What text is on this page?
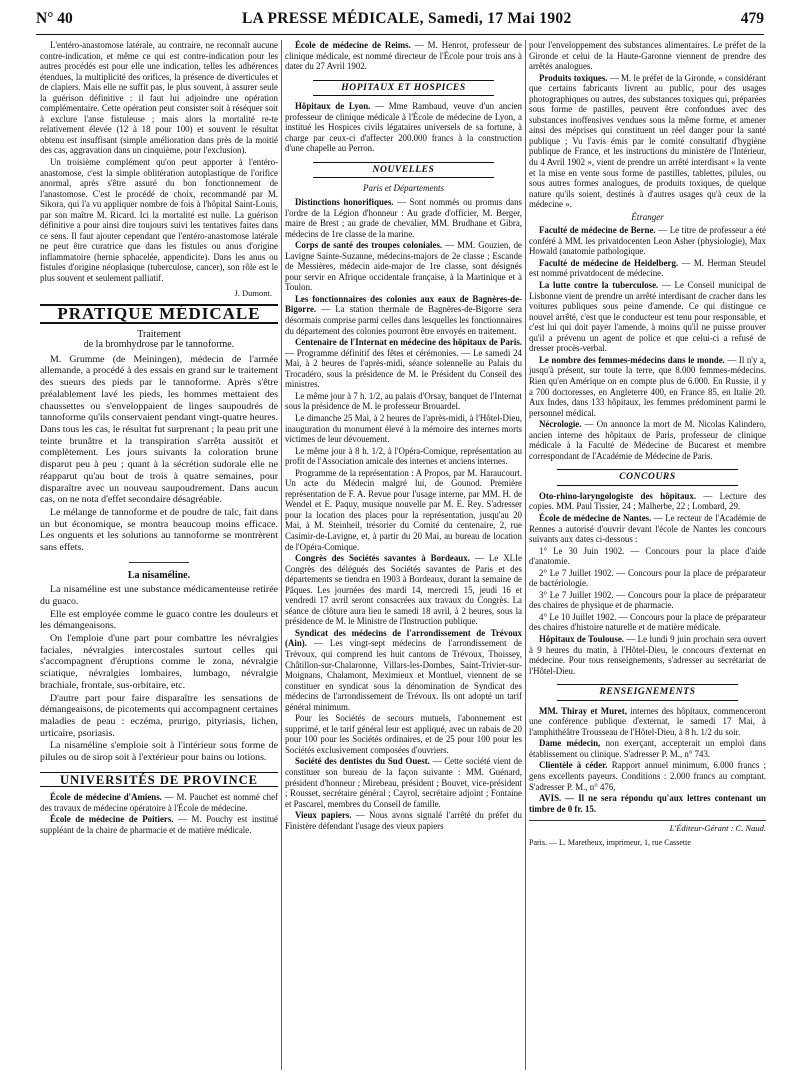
N° 40	LA PRESSE MÉDICALE, Samedi, 17 Mai 1902	479

L'entéro-anastomose latérale, au contraire, ne reconnaît aucune contre-indication, et même ce qui est contre-indication pour les autres procédés est pour elle une indication, telles les adhérences étendues, la multiplicité des orifices, la présence de diverticules et de clapiers. Mais elle ne suffit pas, le plus souvent, à assurer seule la guérison définitive : il faut lui adjoindre une opération complémentaire. Cette opération peut consister soit à réséquer soit à exclure l'anse fistuleuse ; mais alors la mortalité re-te relativement élevée (12 à 18 pour 100) et souvent le résultat obtenu est insuffisant (simple amélioration dans près de la moitié des cas, aggravation dans un cinquième, pour l'exclusion).

Un troisième complément qu'on peut apporter à l'entéro-anastomose, c'est la simple oblitération autoplastique de l'orifice anormal, après s'être assuré du bon fonctionnement de l'anastomose. C'est le procédé de choix, recommandé par M. Sikora, qui l'a vu appliquer nombre de fois à l'hôpital Saint-Louis, par son maître M. Ricard. Ici la mortalité est nulle. La guérison définitive a pour ainsi dire toujours suivi les tentatives faites dans ce sens. Il faut ajouter cependant que l'entéro-anastomose latérale ne peut être curatrice que dans les fistules ou anus d'origine inflammatoire (hernie sphacelée, appendicite). Dans les anus ou fistules d'origine néoplasique (tuberculose, cancer), son rôle est le plus souvent et seulement palliatif.

J. Dumont.
PRATIQUE MÉDICALE
Traitement
de la bromhydrose par le tannoforme.

M. Grumme (de Meiningen), médecin de l'armée allemande, a procédé à des essais en grand sur le traitement des sueurs des pieds par le tannoforme. Après s'être préalablement lavé les pieds, les hommes mettaient des chaussettes ou s'enveloppaient de linges saupoudrés de tannoforme qu'ils conservaient pendant vingt-quatre heures. Dans tous les cas, le résultat fut surprenant ; la peau prit une teinte brunâtre et la transpiration s'arrêta aussitôt et complètement. Les jours suivants la coloration brune disparut peu à peu ; quant à la sécrétion sudorale elle ne réapparut qu'au bout de trois à quatre semaines, pour disparaître avec un nouveau saupoudrement. Dans aucun cas, on ne nota d'effet secondaire désagréable.

Le mélange de tannoforme et de poudre de talc, fait dans un but économique, se montra beaucoup moins efficace. Les onguents et les solutions au tannoforme se montrèrent sans effets.

La nisaméline.

La nisaméline est une substance médicamenteuse retirée du guaco.

Elle est employée comme le guaco contre les douleurs et les démangeaisons.

On l'emploie d'une part pour combattre les névralgies faciales, névralgies intercostales surtout celles qui s'accompagnent d'éruptions comme le zona, névralgie sciatique, névralgies lombaires, lumbago, névralgie brachiale, frontale, sus-orbitaire, etc.

D'autre part pour faire disparaître les sensations de démangeaisons, de picotements qui accompagnent certaines maladies de peau : eczéma, prurigo, pityriasis, lichen, urticaire, psoriasis.

La nisaméline s'emploie soit à l'intérieur sous forme de pilules ou de sirop soit à l'extérieur pour bains ou lotions.

UNIVERSITÉS DE PROVINCE

École de médecine d'Amiens. — M. Pauchet est nommé chef des travaux de médecine opératoire à l'École de médecine.

École de médecine de Poitiers. — M. Pouchy est institué suppléant de la chaire de pharmacie et de matière médicale.

École de médecine de Reims. — M. Henrot, professeur de clinique médicale, est nommé directeur de l'École pour trois ans à dater du 27 Avril 1902.

HOPITAUX ET HOSPICES

Hôpitaux de Lyon. — Mme Rambaud, veuve d'un ancien professeur de clinique médicale à l'École de médecine de Lyon, a institué les Hospices civils légataires universels de sa fortune, à charge par ceux-ci d'affecter 200.000 francs à la construction d'une chapelle au Perron.

NOUVELLES
Paris et Départements

Distinctions honorifiques. — Sont nommés ou promus dans l'ordre de la Légion d'honneur : Au grade d'officier, M. Berger, maire de Brest ; au grade de chevalier, MM. Brudhane et Gibra, médecins de 1re classe de la marine.

Corps de santé des troupes coloniales. — MM. Gouzien, de Lavigne Sainte-Suzanne, médecins-majors de 2e classe ; Escande de Messières, médecin aide-major de 1re classe, sont désignés pour servir en Afrique occidentale française, à la Martinique et à Toulon.

Les fonctionnaires des colonies aux eaux de Bagnères-de-Bigorre. — La station thermale de Bagnères-de-Bigorre sera désormais comprise parmi celles dans lesquelles les fonctionnaires du département des colonies pourront être envoyés en traitement.

Centenaire de l'Internat en médecine des hôpitaux de Paris. — Programme définitif des fêtes et cérémonies. — Le samedi 24 Mai, à 2 heures de l'après-midi, séance solennelle au Palais du Trocadéro, sous la présidence de M. le Président du Conseil des ministres.

Le même jour à 7 h. 1/2, au palais d'Orsay, banquet de l'Internat sous la présidence de M. le professeur Brouardel.

Le dimanche 25 Mai, à 2 heures de l'après-midi, à l'Hôtel-Dieu, inauguration du monument élevé à la mémoire des internes morts victimes de leur dévouement.

Le même jour à 8 h. 1/2, à l'Opéra-Comique, représentation au profit de l'Association amicale des internes et anciens internes.

Programme de la représentation : A Propos, par M. Haraucourt. Un acte du Médecin malgré lui, de Gounod. Première représentation de F. A. Revue pour l'usage interne, par MM. H. de Wendel et E. Paquy, musique nouvelle par M. E. Rey. S'adresser pour la location des places pour la représentation, jusqu'au 20 Mai, à M. Steinheil, trésorier du Comité du centenaire, 2, rue Casimir-de-Lavigne, et, à partir du 20 Mai, au bureau de location de l'Opéra-Comique.

Congrès des Sociétés savantes à Bordeaux. — Le XLIe Congrès des délégués des Sociétés savantes de Paris et des départements se tiendra en 1903 à Bordeaux, durant la semaine de Pâques. Les journées des mardi 14, mercredi 15, jeudi 16 et vendredi 17 avril seront consacrées aux travaux du Congrès. La séance de clôture aura lieu le samedi 18 avril, à 2 heures, sous la présidence de M. le Ministre de l'Instruction publique.

Syndicat des médecins de l'arrondissement de Trévoux (Ain). — Les vingt-sept médecins de l'arrondissement de Trévoux, qui comprend les huit cantons de Trévoux, Thoissey, Châtillon-sur-Chalaronne, Villars-les-Dombes, Saint-Trivier-sur-Moignans, Chalamont, Meximieux et Montluel, viennent de se constituer en syndicat sous la dénomination de Syndicat des médecins de l'arrondissement de Trévoux. Ils ont adopté un tarif général minimum.

Pour les Sociétés de secours mutuels, l'abonnement est supprimé, et le tarif général leur est appliqué, avec un rabais de 20 pour 100 pour les Sociétés ordinaires, et de 25 pour 100 pour les Sociétés exclusivement composées d'ouvriers.

Société des dentistes du Sud Ouest. — Cette société vient de constituer son bureau de la façon suivante : MM. Guénard, président d'honneur ; Mirebeau, président ; Bouvet, vice-président ; Rousset, secrétaire général ; Cayrol, secrétaire adjoint ; Fontaine et Pascarel, membres du Conseil de famille.

Vieux papiers. — Nous avons signalé l'arrêté du préfet du Finistère défendant l'usage des vieux papiers

pour l'enveloppement des substances alimentaires. Le préfet de la Gironde et celui de la Haute-Garonne viennent de prendre des arrêtés analogues.

Produits toxiques. — M. le préfet de la Gironde, « considérant que certains fabricants livrent au public, pour des usages photographiques ou autres, des substances toxiques qui, préparées sous forme de pastilles, peuvent être confondues avec des substances inoffensives vendues sous la même forme, et amener ainsi des méprises qui constituent un réel danger pour la santé publique ; Vu l'avis émis par le comité consultatif d'hygiène publique de France, et les instructions du ministère de l'Intérieur, du 4 Avril 1902 », vient de prendre un arrêté interdisant « la vente et la mise en vente sous forme de pastilles, tablettes, pilules, ou sous autres formes analogues, de produits toxiques, de quelque nature qu'ils soient, destinés à d'autres usages qu'à ceux de la médecine ».

Étranger

Faculté de médecine de Berne. — Le titre de professeur a été conféré à MM. les privatdocenten Leon Asher (physiologie), Max Howald (anatomie pathologique.

Faculté de médecine de Heidelberg. — M. Herman Steudel est nommé privatdocent de médecine.

La lutte contre la tuberculose. — Le Conseil municipal de Lisbonne vient de prendre un arrêté interdisant de cracher dans les voitures publiques sous peine d'amende. Ce qui distingue ce nouvel arrêté, c'est que le conducteur est tenu pour responsable, et c'est lui qui doit payer l'amende, à moins qu'il ne puisse prouver qu'il a prévenu un agent de police et que celui-ci a refusé de dresser procès-verbal.

Le nombre des femmes-médecins dans le monde. — Il n'y a, jusqu'à présent, sur toute la terre, que 8.000 femmes-médecins. Rien qu'en Amérique on en compte plus de 6.000. En Russie, il y a 700 doctoresses, en Angleterre 400, en France 85, en Italie 20. Aux Indes, dans 133 hôpitaux, les femmes prédominent parmi le personnel médical.

Nécrologie. — On annonce la mort de M. Nicolas Kalindero, ancien interne des hôpitaux de Paris, professeur de clinique médicale à la Faculté de Médecine de Bucarest et membre correspondant de l'Académie de Médecine de Paris.

CONCOURS

Oto-rhino-laryngologiste des hôpitaux. — Lecture des copies. MM. Paul Tissier, 24 ; Malherbe, 22 ; Lombard, 29.

École de médecine de Nantes. — Le recteur de l'Académie de Rennes a autorisé d'ouvrir devant l'école de Nantes les concours suivants aux dates ci-dessous :

1° Le 30 Juin 1902. — Concours pour la place d'aide d'anatomie.

2° Le 7 Juillet 1902. — Concours pour la place de préparateur de bactériologie.

3° Le 7 Juillet 1902. — Concours pour la place de préparateur des chaires de physique et de pharmacie.

4° Le 10 Juillet 1902. — Concours pour la place de préparateur des chaires d'histoire naturelle et de matière médicale.

Hôpitaux de Toulouse. — Le lundi 9 juin prochain sera ouvert à 9 heures du matin, à l'Hôtel-Dieu, le concours d'externat en médecine. Pour tous renseignements, s'adresser au secrétariat de l'Hôtel-Dieu.

RENSEIGNEMENTS

MM. Thiray et Muret, internes des hôpitaux, commenceront une conférence publique d'externat, le samedi 17 Mai, à l'amphithéâtre Trousseau de l'Hôtel-Dieu, à 8 h. 1/2 du soir.

Dame médecin, non exerçant, accepterait un emploi dans établissement ou clinique. S'adresser P. M., n° 743.

Clientèle à céder. Rapport annuel minimum, 6.000 francs ; gens excellents payeurs. Conditions : 2.000 francs au comptant. S'adresser P. M., n° 476,

AVIS. — Il ne sera répondu qu'aux lettres contenant un timbre de 0 fr. 15.

L'Éditeur-Gérant : C. Naud.
Paris. — L. Maretheux, imprimeur, 1, rue Cassette
